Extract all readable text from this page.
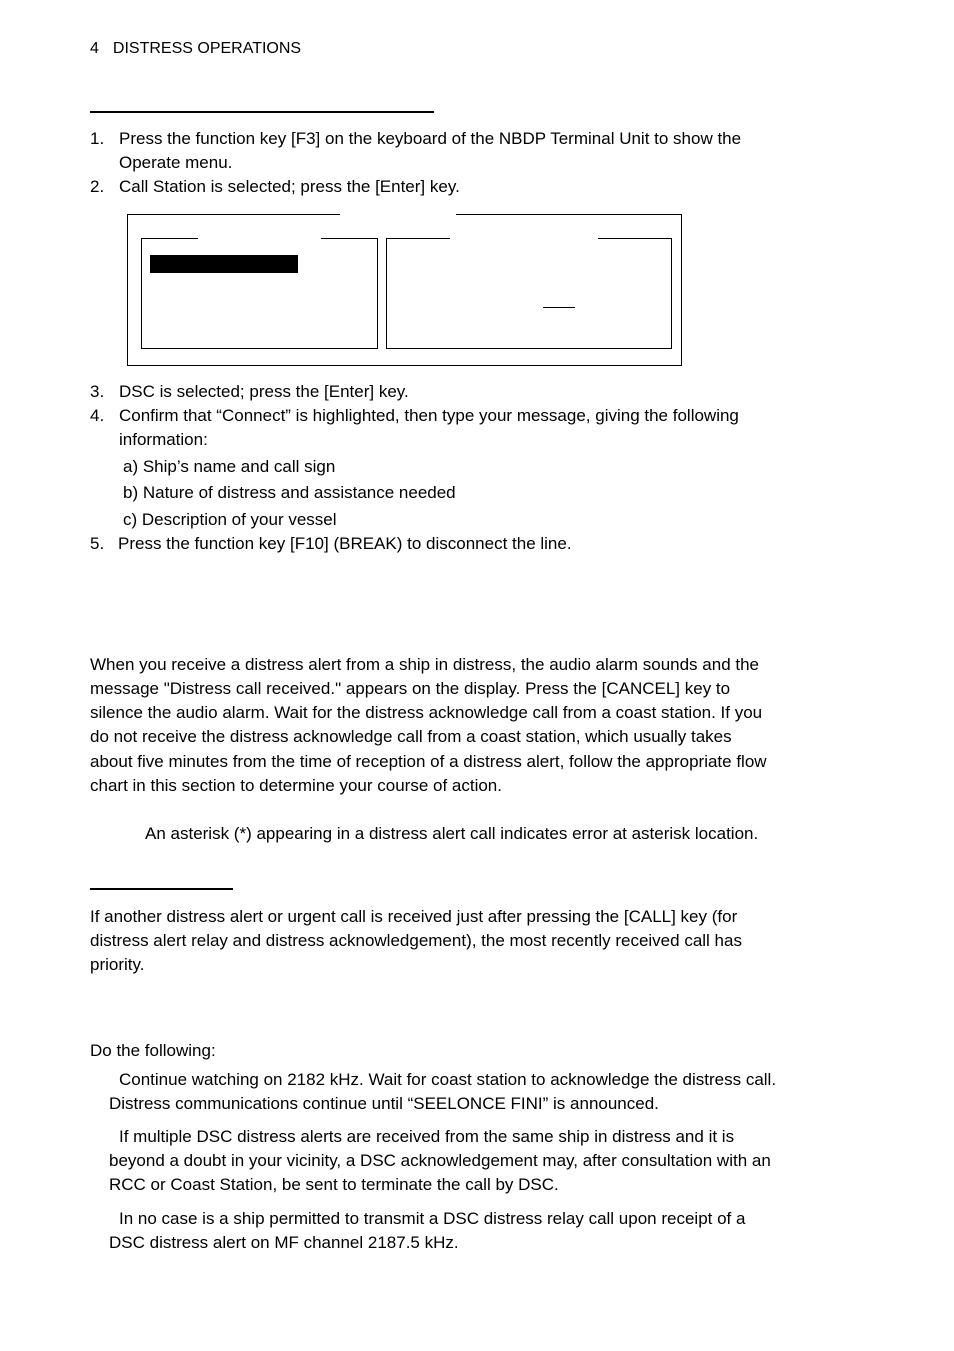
4 DISTRESS OPERATIONS
1. Press the function key [F3] on the keyboard of the NBDP Terminal Unit to show the
Operate menu.
2. Call Station is selected; press the [Enter] key.
3. DSC is selected; press the [Enter] key.
4. Confirm that “Connect” is highlighted, then type your message, giving the following
information:
a) Ship’s name and call sign
b) Nature of distress and assistance needed
c) Description of your vessel
5. Press the function key [F10] (BREAK) to disconnect the line.
When you receive a distress alert from a ship in distress, the audio alarm sounds and the
message "Distress call received." appears on the display. Press the [CANCEL] key to
silence the audio alarm. Wait for the distress acknowledge call from a coast station. If you
do not receive the distress acknowledge call from a coast station, which usually takes
about five minutes from the time of reception of a distress alert, follow the appropriate flow
chart in this section to determine your course of action.
An asterisk (*) appearing in a distress alert call indicates error at asterisk location.
If another distress alert or urgent call is received just after pressing the [CALL] key (for
distress alert relay and distress acknowledgement), the most recently received call has
priority.
Do the following:
Continue watching on 2182 kHz. Wait for coast station to acknowledge the distress call.
Distress communications continue until “SEELONCE FINI” is announced.
If multiple DSC distress alerts are received from the same ship in distress and it is
beyond a doubt in your vicinity, a DSC acknowledgement may, after consultation with an
RCC or Coast Station, be sent to terminate the call by DSC.
In no case is a ship permitted to transmit a DSC distress relay call upon receipt of a
DSC distress alert on MF channel 2187.5 kHz.
